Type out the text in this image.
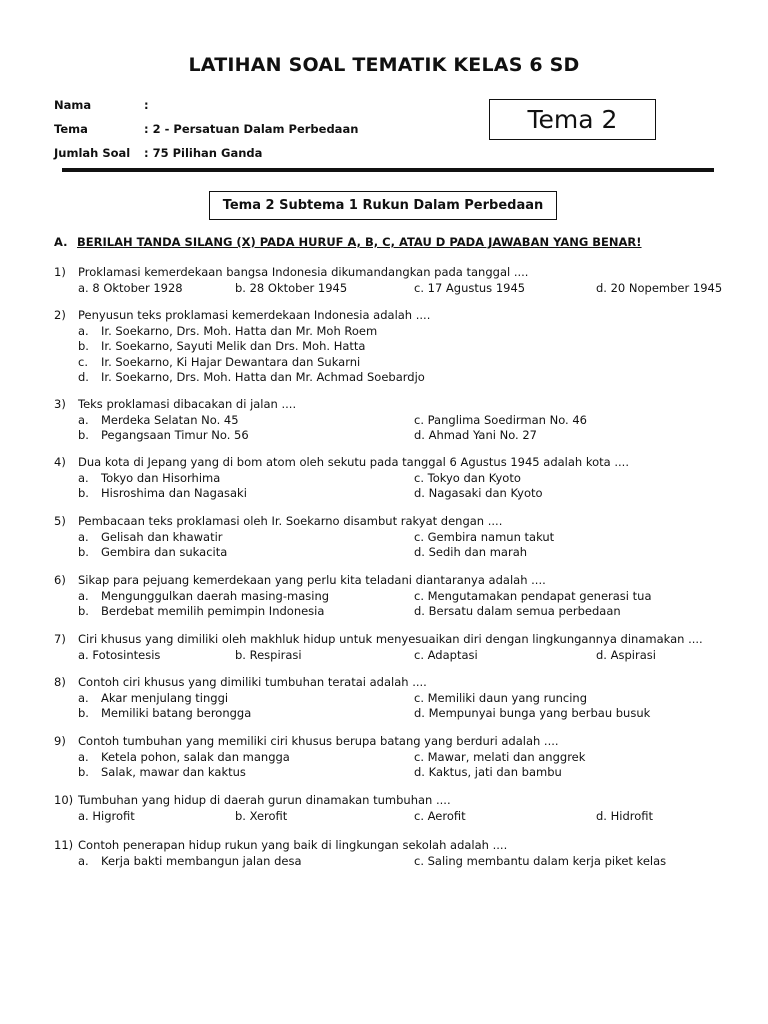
LATIHAN SOAL TEMATIK KELAS 6 SD
Nama	:
Tema	: 2 - Persatuan Dalam Perbedaan
Jumlah Soal : 75 Pilihan Ganda
Tema 2
Tema 2 Subtema 1 Rukun Dalam Perbedaan
A. BERILAH TANDA SILANG (X) PADA HURUF A, B, C, ATAU D PADA JAWABAN YANG BENAR!
1) Proklamasi kemerdekaan bangsa Indonesia dikumandangkan pada tanggal ....
a. 8 Oktober 1928	b. 28 Oktober 1945	c. 17 Agustus 1945	d. 20 Nopember 1945
2) Penyusun teks proklamasi kemerdekaan Indonesia adalah ....
a. Ir. Soekarno, Drs. Moh. Hatta dan Mr. Moh Roem
b. Ir. Soekarno, Sayuti Melik dan Drs. Moh. Hatta
c. Ir. Soekarno, Ki Hajar Dewantara dan Sukarni
d. Ir. Soekarno, Drs. Moh. Hatta dan Mr. Achmad Soebardjo
3) Teks proklamasi dibacakan di jalan ....
a. Merdeka Selatan No. 45	c. Panglima Soedirman No. 46
b. Pegangsaan Timur No. 56	d. Ahmad Yani No. 27
4) Dua kota di Jepang yang di bom atom oleh sekutu pada tanggal 6 Agustus 1945 adalah kota ....
a. Tokyo dan Hisorhima	c. Tokyo dan Kyoto
b. Hisroshima dan Nagasaki	d. Nagasaki dan Kyoto
5) Pembacaan teks proklamasi oleh Ir. Soekarno disambut rakyat dengan ....
a. Gelisah dan khawatir	c. Gembira namun takut
b. Gembira dan sukacita	d. Sedih dan marah
6) Sikap para pejuang kemerdekaan yang perlu kita teladani diantaranya adalah ....
a. Mengunggulkan daerah masing-masing	c. Mengutamakan pendapat generasi tua
b. Berdebat memilih pemimpin Indonesia	d. Bersatu dalam semua perbedaan
7) Ciri khusus yang dimiliki oleh makhluk hidup untuk menyesuaikan diri dengan lingkungannya dinamakan ....
a. Fotosintesis	b. Respirasi	c. Adaptasi	d. Aspirasi
8) Contoh ciri khusus yang dimiliki tumbuhan teratai adalah ....
a. Akar menjulang tinggi	c. Memiliki daun yang runcing
b. Memiliki batang berongga	d. Mempunyai bunga yang berbau busuk
9) Contoh tumbuhan yang memiliki ciri khusus berupa batang yang berduri adalah ....
a. Ketela pohon, salak dan mangga	c. Mawar, melati dan anggrek
b. Salak, mawar dan kaktus	d. Kaktus, jati dan bambu
10) Tumbuhan yang hidup di daerah gurun dinamakan tumbuhan ....
a. Higrofit	b. Xerofit	c. Aerofit	d. Hidrofit
11) Contoh penerapan hidup rukun yang baik di lingkungan sekolah adalah ....
a. Kerja bakti membangun jalan desa	c. Saling membantu dalam kerja piket kelas
